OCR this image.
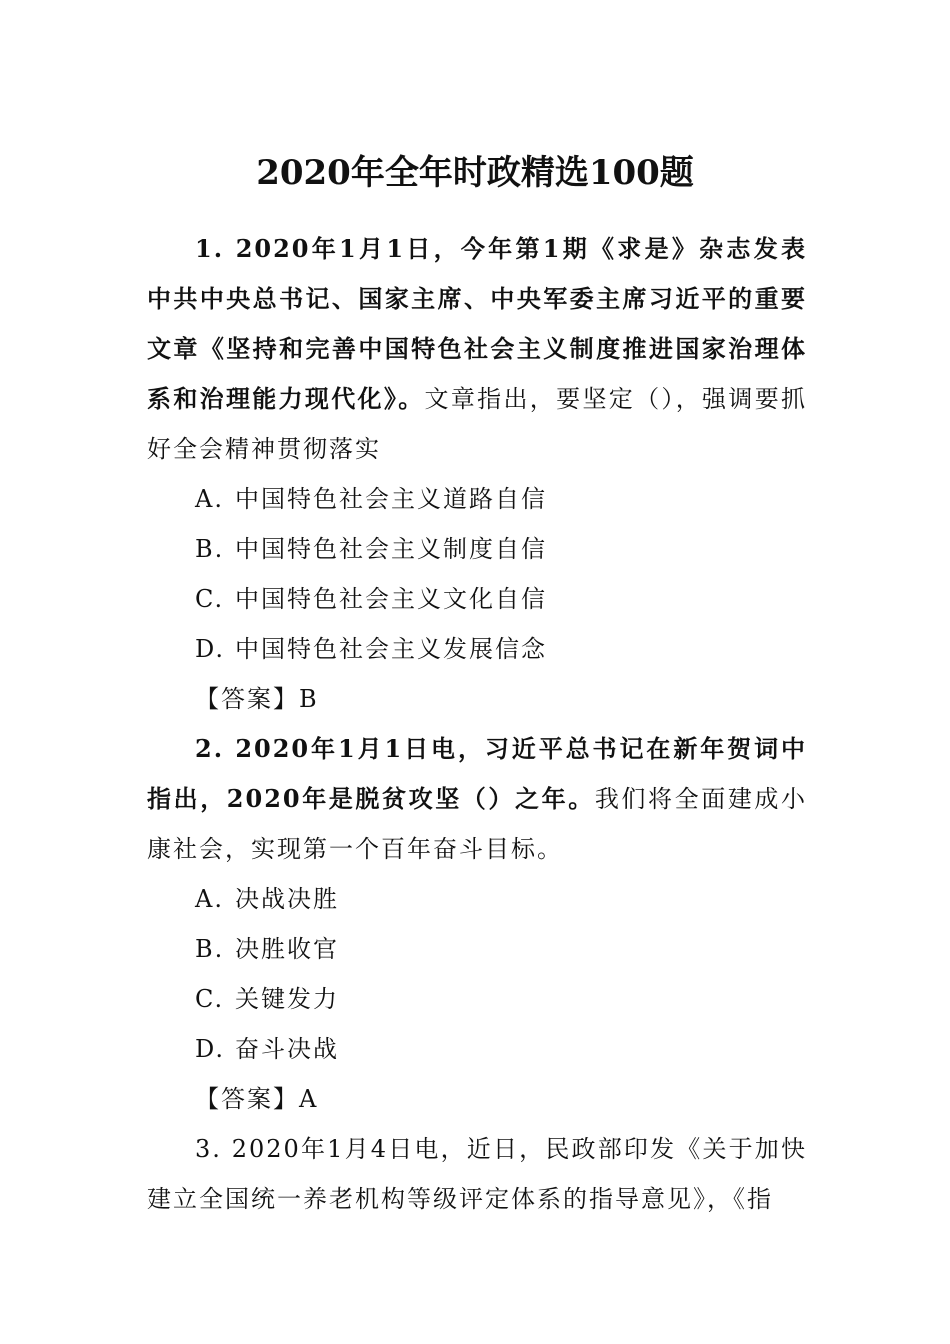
2020年全年时政精选100题

1. 2020年1月1日，今年第1期《求是》杂志发表中共中央总书记、国家主席、中央军委主席习近平的重要文章《坚持和完善中国特色社会主义制度推进国家治理体系和治理能力现代化》。文章指出，要坚定（），强调要抓好全会精神贯彻落实

A. 中国特色社会主义道路自信

B. 中国特色社会主义制度自信

C. 中国特色社会主义文化自信

D. 中国特色社会主义发展信念

【答案】B

2. 2020年1月1日电，习近平总书记在新年贺词中指出，2020年是脱贫攻坚（）之年。我们将全面建成小康社会，实现第一个百年奋斗目标。

A. 决战决胜

B. 决胜收官

C. 关键发力

D. 奋斗决战

【答案】A

3. 2020年1月4日电，近日，民政部印发《关于加快建立全国统一养老机构等级评定体系的指导意见》，《指
